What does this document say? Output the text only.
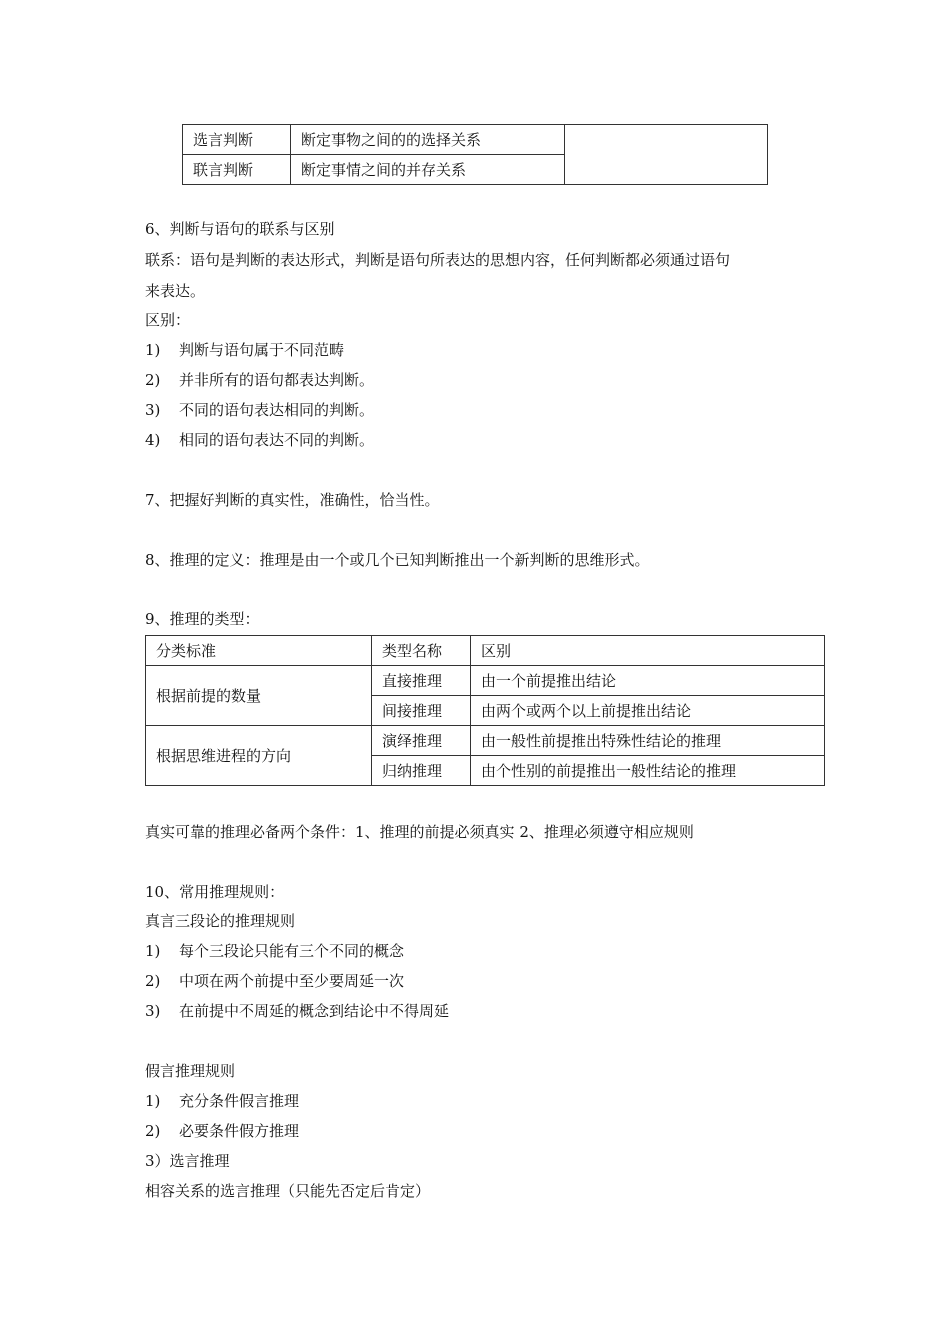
选言判断	断定事物之间的的选择关系	
联言判断	断定事情之间的并存关系	
6、判断与语句的联系与区别
联系：语句是判断的表达形式，判断是语句所表达的思想内容，任何判断都必须通过语句
来表达。
区别：
1) 判断与语句属于不同范畴
2) 并非所有的语句都表达判断。
3) 不同的语句表达相同的判断。
4) 相同的语句表达不同的判断。
7、把握好判断的真实性，准确性，恰当性。
8、推理的定义：推理是由一个或几个已知判断推出一个新判断的思维形式。
9、推理的类型：
分类标准	类型名称	区别
根据前提的数量	直接推理	由一个前提推出结论
	间接推理	由两个或两个以上前提推出结论
根据思维进程的方向	演绎推理	由一般性前提推出特殊性结论的推理
	归纳推理	由个性别的前提推出一般性结论的推理
真实可靠的推理必备两个条件：1、推理的前提必须真实 2、推理必须遵守相应规则
10、常用推理规则：
真言三段论的推理规则
1) 每个三段论只能有三个不同的概念
2) 中项在两个前提中至少要周延一次
3) 在前提中不周延的概念到结论中不得周延
假言推理规则
1) 充分条件假言推理
2) 必要条件假方推理
3）选言推理
相容关系的选言推理（只能先否定后肯定）
